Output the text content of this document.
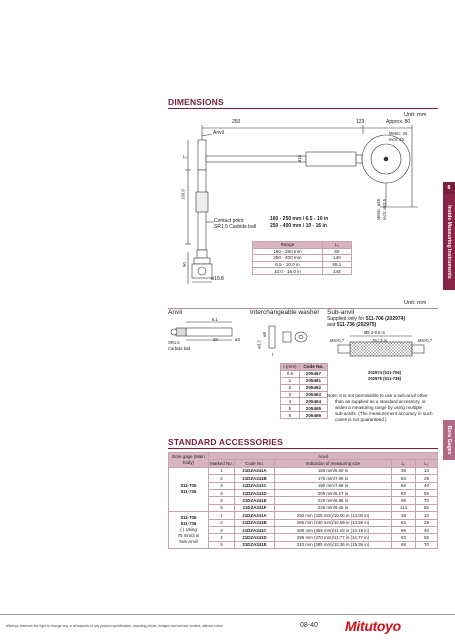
DIMENSIONS
Unit: mm
250	123	Approx. 80
Anvil	Metric: 20
Inch: 23
ø15
L₁
100.9
90
Contact point
SR1.5 Carbide ball
ø19.8
Metric: ø48 Inch: ø53.5
160 - 250 mm / 6.5 - 10 in
250 - 400 mm / 10 - 16 in
Range	L₁
160 - 250 mm	50
250 - 400 mm	140
6.5 - 10.0 in	55.1
10.0 - 16.0 in	144
Unit: mm
Anvil	Interchangeable washer Sub-anvil
Supplied only for 511-706 (202974)
and 511-736 (202975)
6.1
28	ø3
SR1.5
Carbide ball
ø8
ø3.2
t
Ø8.3-9.5 m
M4×0.7	75 / 3 in	M4×0.7
202974 (511-706)
202975 (511-736)
t (mm)	Code No.
0.5	205467
1	205461
2	205462
3	205463
4	205464
5	205465
6	205466
Note: It is not permissible to use a sub-anvil other
than as supplied as a standard accessory, or
widen a measuring range by using multiple
sub-anvils. (The measurement accuracy in such
cases is not guaranteed.)
STANDARD ACCESSORIES
Bore gage (Main body)	Anvil				
	Marked No.	Code No.	Indication of measuring size	L₁	L₂

511-705
511-735	1	21DZA241A	160 mm/6.50 in	38	10
	2	21DZA241B	175 mm/7.09 in	53	25
	3	21DZA241C	190 mm/7.68 in	68	40
	4	21DZA241D	205 mm/8.27 in	83	55
	5	21DZA241E	220 mm/8.86 in	98	70
	6	21DZA241F	235 mm/9.45 in	113	85

511-706
511-736
( ) Using
75 mm/3 in
Sub-Anvil	1	21DZA241A	250 mm (325 mm)/10.00 in (13.00 in)	38	10
	2	21DZA241B	265 mm (340 mm)/10.59 in (13.59 in)	53	25
	3	21DZA241C	280 mm (355 mm)/11.18 in (14.18 in)	68	40
	4	21DZA241D	295 mm (370 mm)/11.77 in (14.77 in)	83	55
	5	21DZA241E	310 mm (385 mm)/12.36 in (15.36 in)	98	70
8
Inside Measuring Instruments
Bore Gages
Mitutoyo reserves the right to change any or all aspects of any product specification, including prices, designs and service content, without notice.	08-40 Mitutoyo
